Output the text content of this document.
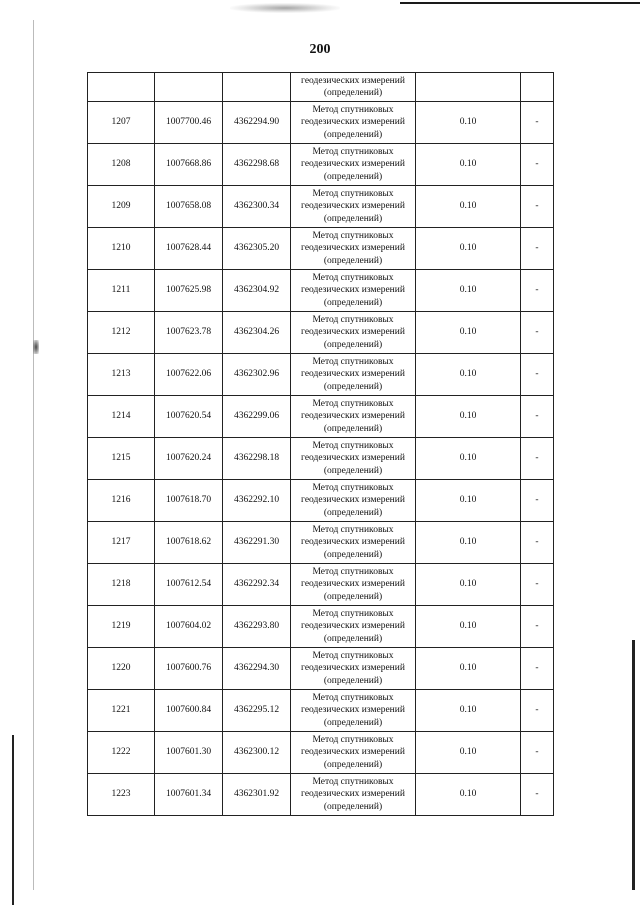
200

			геодезических измерений
(определений)		

1207	1007700.46	4362294.90	Метод спутниковых
геодезических измерений
(определений)	0.10	-
1208	1007668.86	4362298.68	Метод спутниковых
геодезических измерений
(определений)	0.10	-
1209	1007658.08	4362300.34	Метод спутниковых
геодезических измерений
(определений)	0.10	-
1210	1007628.44	4362305.20	Метод спутниковых
геодезических измерений
(определений)	0.10	-
1211	1007625.98	4362304.92	Метод спутниковых
геодезических измерений
(определений)	0.10	-
1212	1007623.78	4362304.26	Метод спутниковых
геодезических измерений
(определений)	0.10	-
1213	1007622.06	4362302.96	Метод спутниковых
геодезических измерений
(определений)	0.10	-
1214	1007620.54	4362299.06	Метод спутниковых
геодезических измерений
(определений)	0.10	-
1215	1007620.24	4362298.18	Метод спутниковых
геодезических измерений
(определений)	0.10	-
1216	1007618.70	4362292.10	Метод спутниковых
геодезических измерений
(определений)	0.10	-
1217	1007618.62	4362291.30	Метод спутниковых
геодезических измерений
(определений)	0.10	-
1218	1007612.54	4362292.34	Метод спутниковых
геодезических измерений
(определений)	0.10	-
1219	1007604.02	4362293.80	Метод спутниковых
геодезических измерений
(определений)	0.10	-
1220	1007600.76	4362294.30	Метод спутниковых
геодезических измерений
(определений)	0.10	-
1221	1007600.84	4362295.12	Метод спутниковых
геодезических измерений
(определений)	0.10	-
1222	1007601.30	4362300.12	Метод спутниковых
геодезических измерений
(определений)	0.10	-
1223	1007601.34	4362301.92	Метод спутниковых
геодезических измерений
(определений)	0.10	-
